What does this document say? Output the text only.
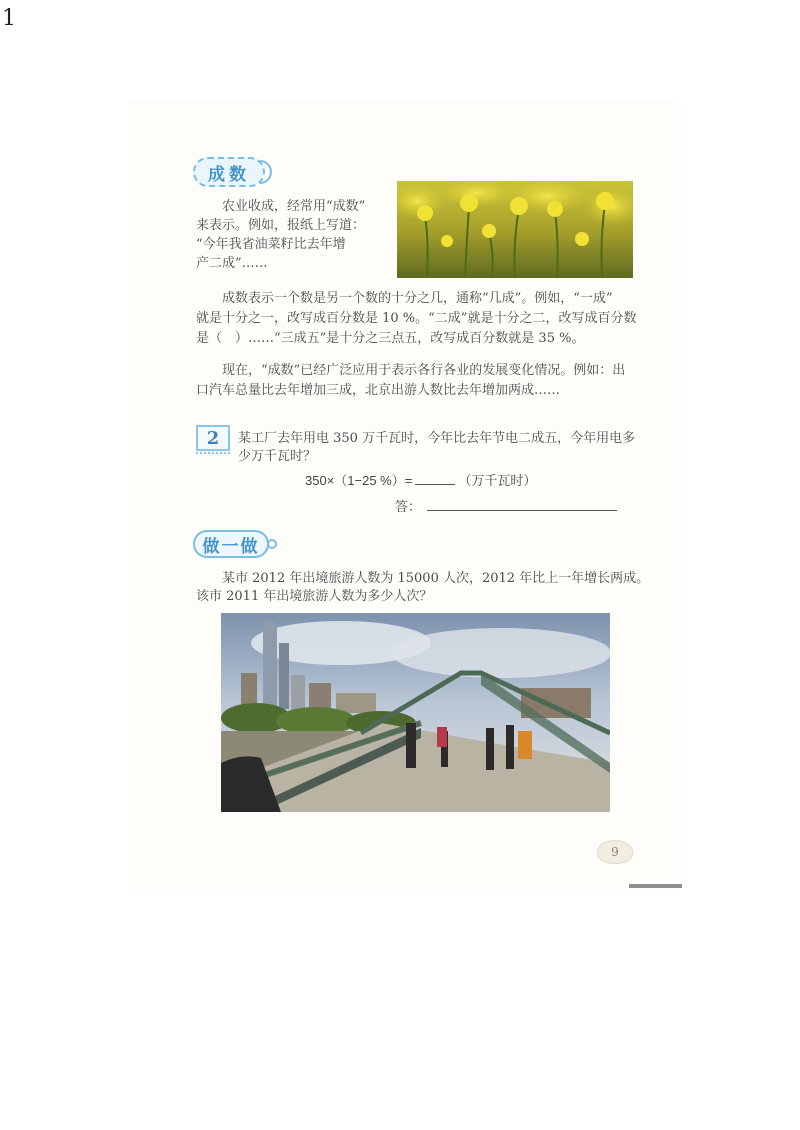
1
成数

农业收成，经常用“成数”

来表示。例如，报纸上写道：

“今年我省油菜籽比去年增

产二成”……

成数表示一个数是另一个数的十分之几，通称“几成”。例如，“一成”

就是十分之一，改写成百分数是 10 %。“二成”就是十分之二，改写成百分数

是（　）……“三成五”是十分之三点五，改写成百分数就是 35 %。

现在，“成数”已经广泛应用于表示各行各业的发展变化情况。例如：出

口汽车总量比去年增加三成，北京出游人数比去年增加两成……

2 某工厂去年用电 350 万千瓦时，今年比去年节电二成五，今年用电多

少万千瓦时？

350×（1−25 %）=	（万千瓦时）
答：
做一做

某市 2012 年出境旅游人数为 15000 人次，2012 年比上一年增长两成。

该市 2011 年出境旅游人数为多少人次？

9
